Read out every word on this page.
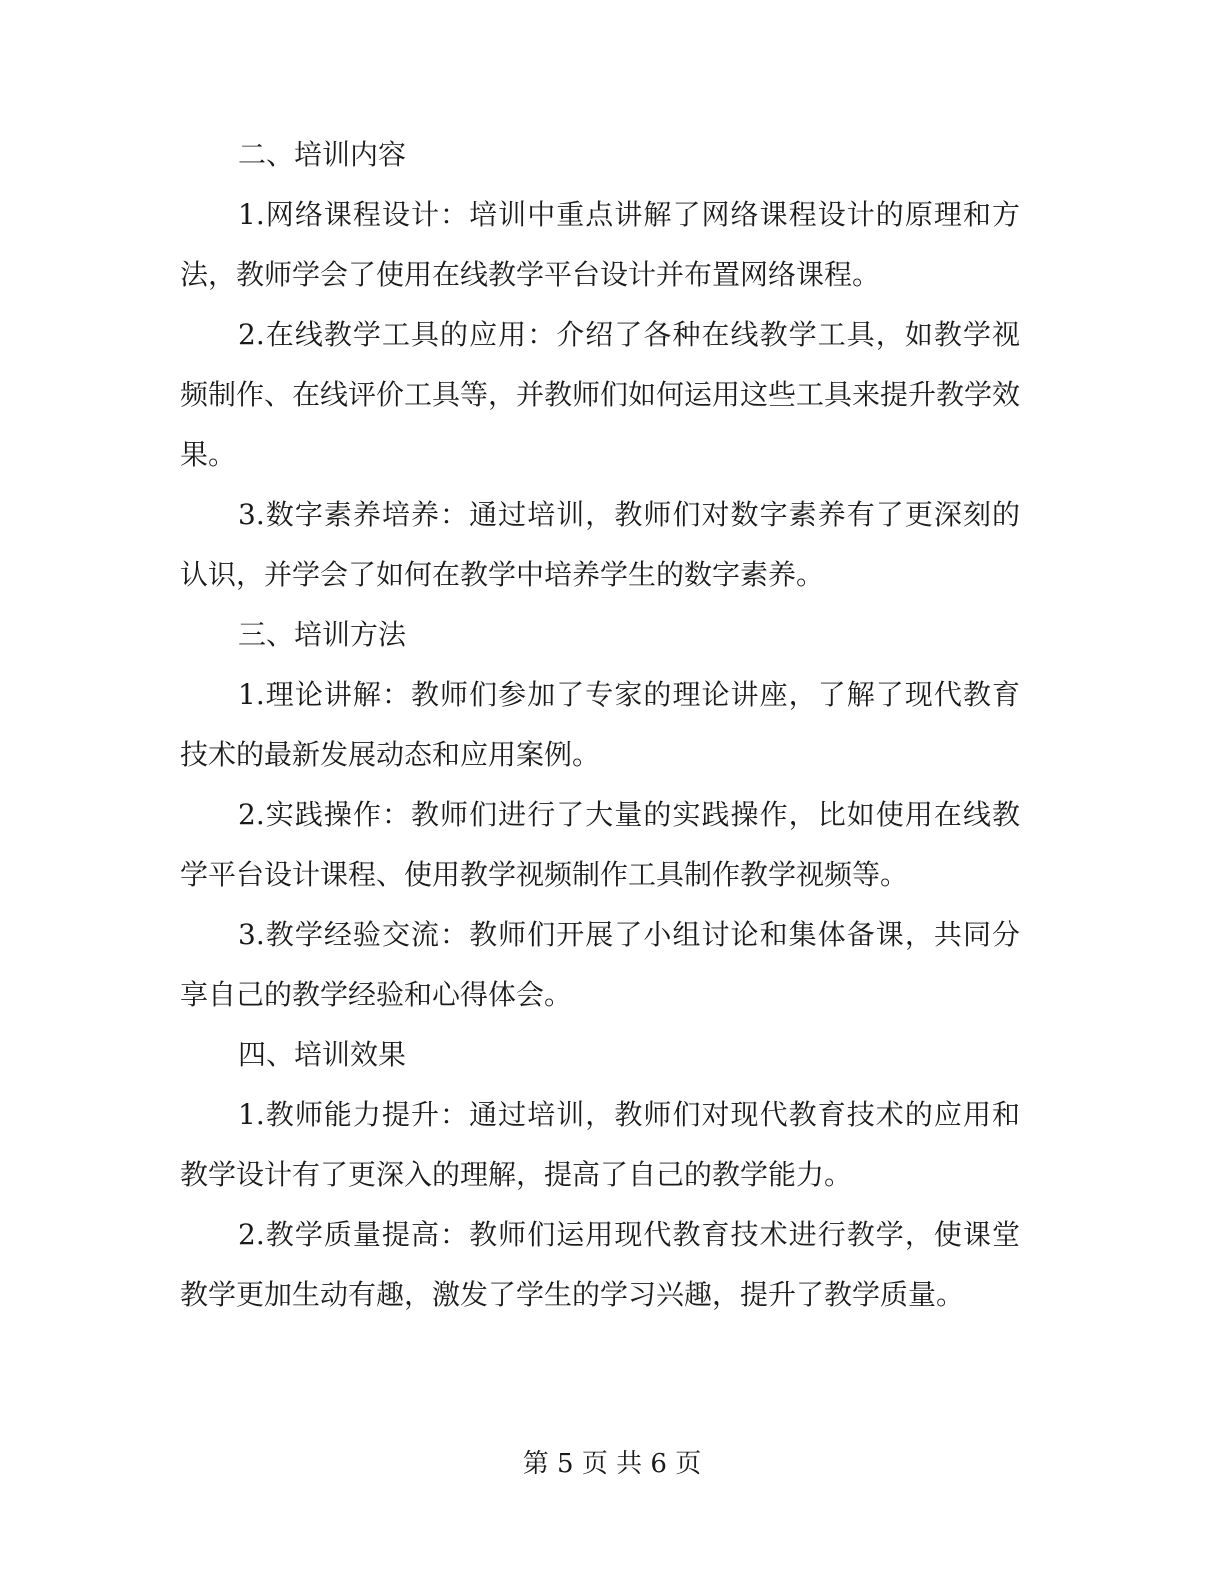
二、培训内容

1.网络课程设计：培训中重点讲解了网络课程设计的原理和方法，教师学会了使用在线教学平台设计并布置网络课程。

2.在线教学工具的应用：介绍了各种在线教学工具，如教学视频制作、在线评价工具等，并教师们如何运用这些工具来提升教学效果。

3.数字素养培养：通过培训，教师们对数字素养有了更深刻的认识，并学会了如何在教学中培养学生的数字素养。

三、培训方法

1.理论讲解：教师们参加了专家的理论讲座，了解了现代教育技术的最新发展动态和应用案例。

2.实践操作：教师们进行了大量的实践操作，比如使用在线教学平台设计课程、使用教学视频制作工具制作教学视频等。

3.教学经验交流：教师们开展了小组讨论和集体备课，共同分享自己的教学经验和心得体会。

四、培训效果

1.教师能力提升：通过培训，教师们对现代教育技术的应用和教学设计有了更深入的理解，提高了自己的教学能力。

2.教学质量提高：教师们运用现代教育技术进行教学，使课堂教学更加生动有趣，激发了学生的学习兴趣，提升了教学质量。

第 5 页 共 6 页
